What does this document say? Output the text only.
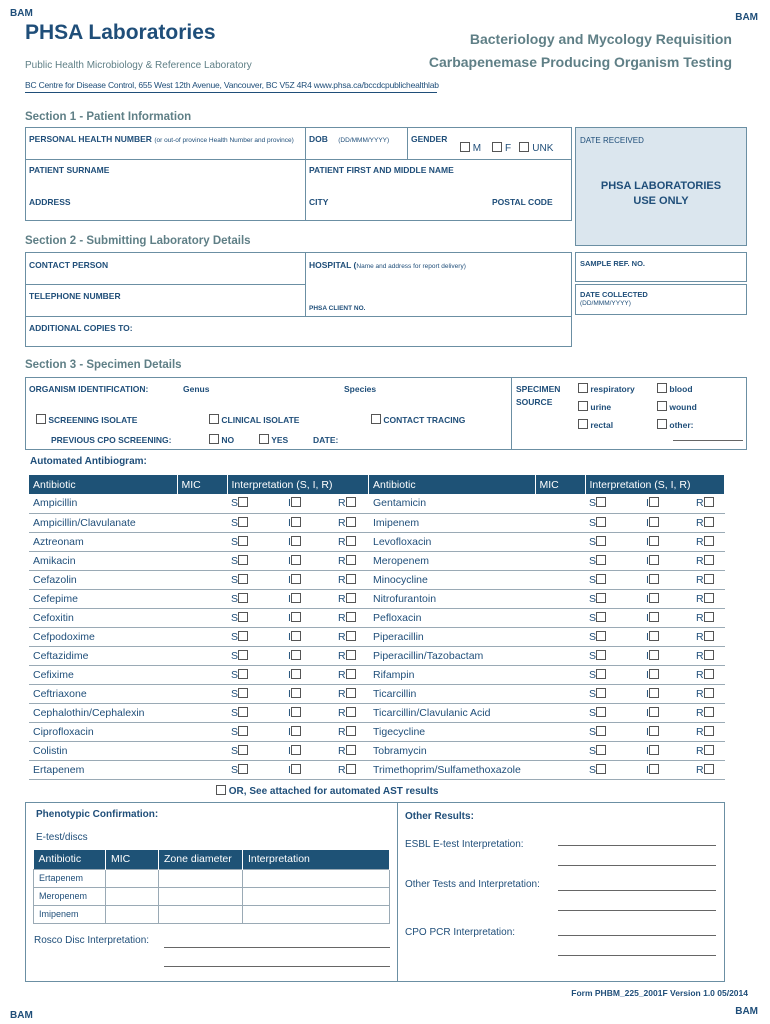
BAM	BAM
PHSA Laboratories
Public Health Microbiology & Reference Laboratory
BC Centre for Disease Control, 655 West 12th Avenue, Vancouver, BC V5Z 4R4 www.phsa.ca/bccdcpublichealthlab
Bacteriology and Mycology Requisition
Carbapenemase Producing Organism Testing
Section 1 - Patient Information
PERSONAL HEALTH NUMBER (or out-of province Health Number and province)	DOB (DD/MMM/YYYY)	GENDER
M F UNK
PATIENT SURNAME	PATIENT FIRST AND MIDDLE NAME
ADDRESS	CITY	POSTAL CODE
DATE RECEIVED
PHSA LABORATORIES
USE ONLY
SAMPLE REF. NO.
DATE COLLECTED
(DD/MMM/YYYY)
Section 2 - Submitting Laboratory Details
CONTACT PERSON	HOSPITAL (Name and address for report delivery)
TELEPHONE NUMBER
PHSA CLIENT NO.
ADDITIONAL COPIES TO:
Section 3 - Specimen Details
ORGANISM IDENTIFICATION:	Genus	Species
SCREENING ISOLATE	CLINICAL ISOLATE	CONTACT TRACING
PREVIOUS CPO SCREENING:	NO	YES	DATE:
SPECIMEN
SOURCE
respiratory	blood
urine	wound
rectal	other:
Automated Antibiogram:
Antibiotic	MIC	Interpretation (S, I, R)
Ampicillin		S I R
Ampicillin/Clavulanate		S I R
Aztreonam		S I R
Amikacin		S I R
Cefazolin		S I R
Cefepime		S I R
Cefoxitin		S I R
Cefpodoxime		S I R
Ceftazidime		S I R
Cefixime		S I R
Ceftriaxone		S I R
Cephalothin/Cephalexin		S I R
Ciprofloxacin		S I R
Colistin		S I R
Ertapenem		S I R
Antibiotic	MIC	Interpretation (S, I, R)
Gentamicin		S I R
Imipenem		S I R
Levofloxacin		S I R
Meropenem		S I R
Minocycline		S I R
Nitrofurantoin		S I R
Pefloxacin		S I R
Piperacillin		S I R
Piperacillin/Tazobactam		S I R
Rifampin		S I R
Ticarcillin		S I R
Ticarcillin/Clavulanic Acid		S I R
Tigecycline		S I R
Tobramycin		S I R
Trimethoprim/Sulfamethoxazole		S I R
OR, See attached for automated AST results
Phenotypic Confirmation:
E-test/discs
Rosco Disc Interpretation:
Other Results:
ESBL E-test Interpretation:
Other Tests and Interpretation:
CPO PCR Interpretation:
Antibiotic	MIC	Zone diameter	Interpretation
Ertapenem			
Meropenem			
Imipenem			
Form PHBM_225_2001F Version 1.0 05/2014
BAM	BAM
